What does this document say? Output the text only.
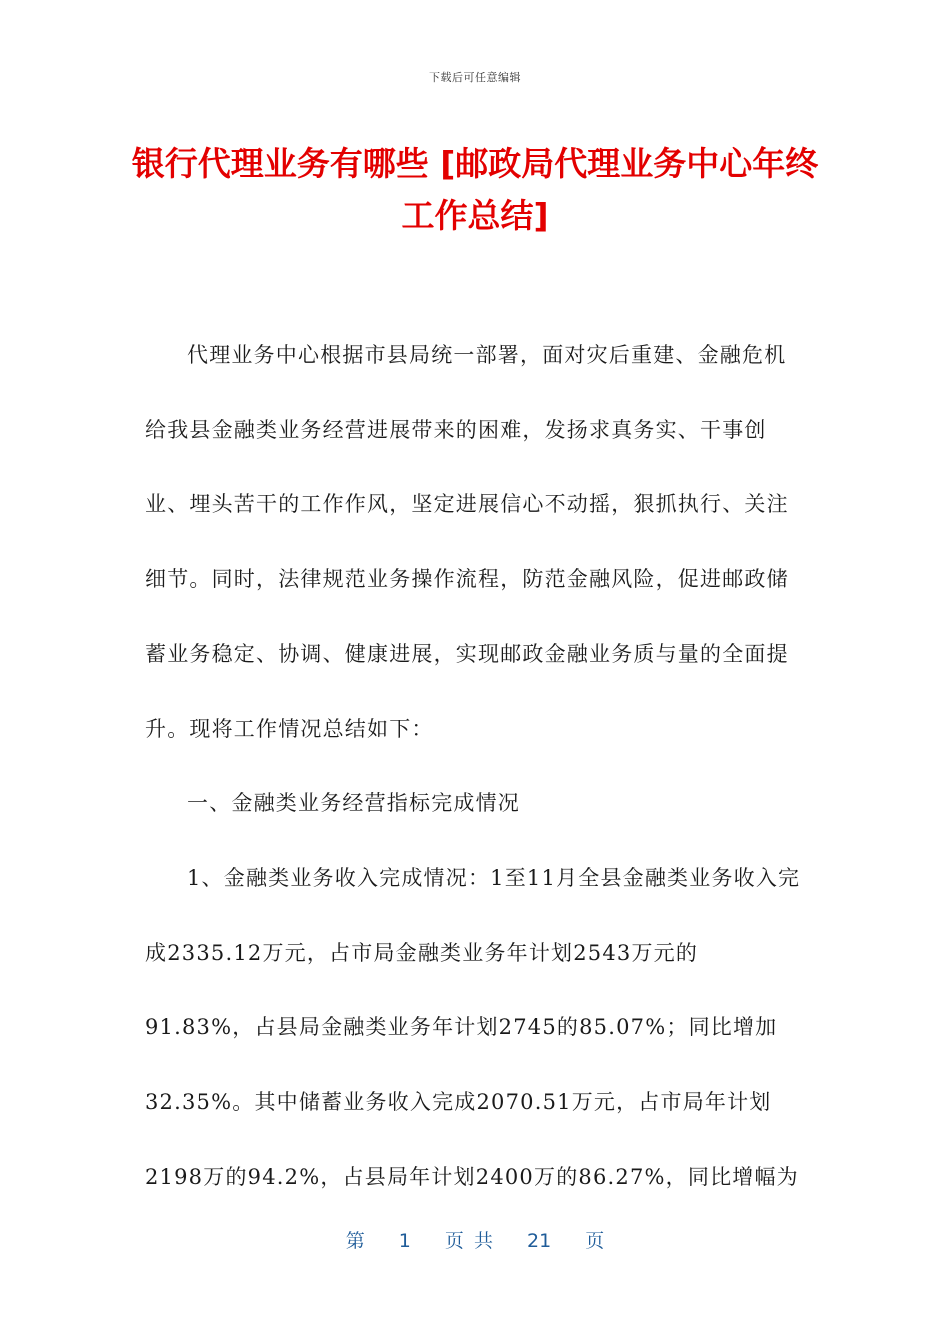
下载后可任意编辑
银行代理业务有哪些 [邮政局代理业务中心年终工作总结]

代理业务中心根据市县局统一部署，面对灾后重建、金融危机给我县金融类业务经营进展带来的困难，发扬求真务实、干事创业、埋头苦干的工作作风，坚定进展信心不动摇，狠抓执行、关注细节。同时，法律规范业务操作流程，防范金融风险，促进邮政储蓄业务稳定、协调、健康进展，实现邮政金融业务质与量的全面提升。现将工作情况总结如下：

一、金融类业务经营指标完成情况

1、金融类业务收入完成情况：1至11月全县金融类业务收入完成2335.12万元，占市局金融类业务年计划2543万元的91.83%，占县局金融类业务年计划2745的85.07%；同比增加32.35%。其中储蓄业务收入完成2070.51万元，占市局年计划2198万的94.2%，占县局年计划2400万的86.27%，同比增幅为

第 1 页 共 21 页
